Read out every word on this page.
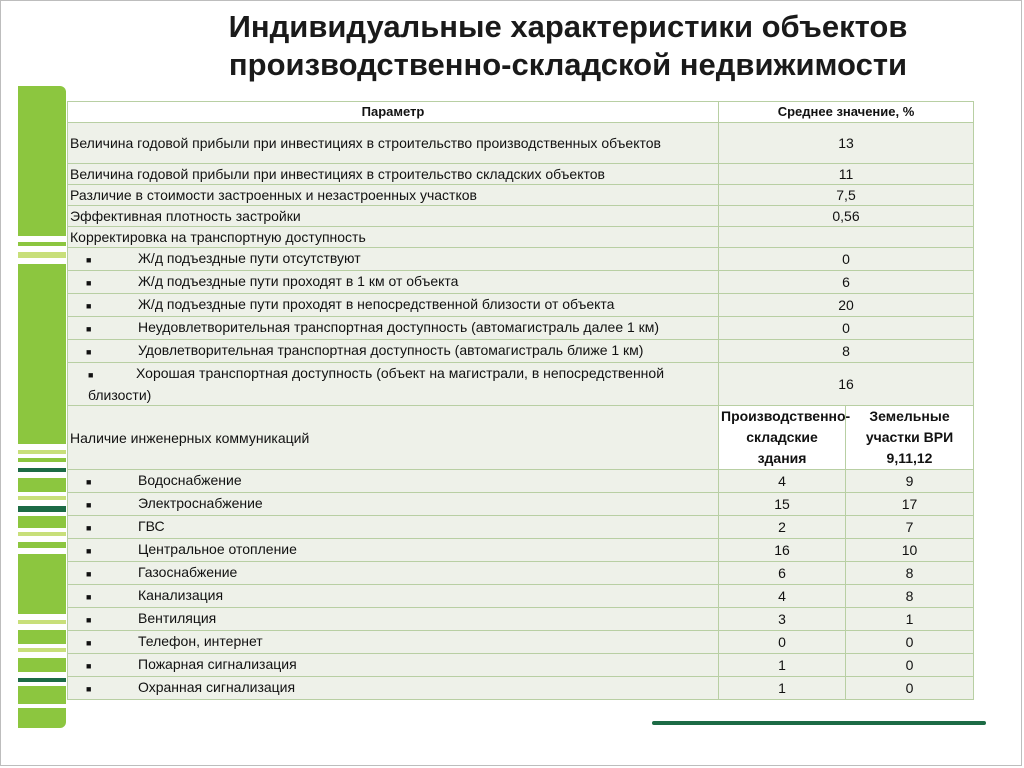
Индивидуальные характеристики объектов
производственно-складской недвижимости
Параметр	Среднее значение, %	
Величина годовой прибыли при инвестициях в строительство производственных объектов	13	
Величина годовой прибыли при инвестициях в строительство складских объектов	11	
Различие в стоимости застроенных и незастроенных участков	7,5	
Эффективная плотность застройки	0,56	
Корректировка на транспортную доступность		
■ Ж/д подъездные пути отсутствуют	0	
■ Ж/д подъездные пути проходят в 1 км от объекта	6	
■ Ж/д подъездные пути проходят в непосредственной близости от объекта	20	
■ Неудовлетворительная транспортная доступность (автомагистраль далее 1 км)	0	
■ Удовлетворительная транспортная доступность (автомагистраль ближе 1 км)	8	
■ Хорошая транспортная доступность (объект на магистрали, в непосредственной близости)	16	
Наличие инженерных коммуникаций	Производственно-складские здания	Земельные участки ВРИ 9,11,12
■ Водоснабжение	4	9
■ Электроснабжение	15	17
■ ГВС	2	7
■ Центральное отопление	16	10
■ Газоснабжение	6	8
■ Канализация	4	8
■ Вентиляция	3	1
■ Телефон, интернет	0	0
■ Пожарная сигнализация	1	0
■ Охранная сигнализация	1	0
